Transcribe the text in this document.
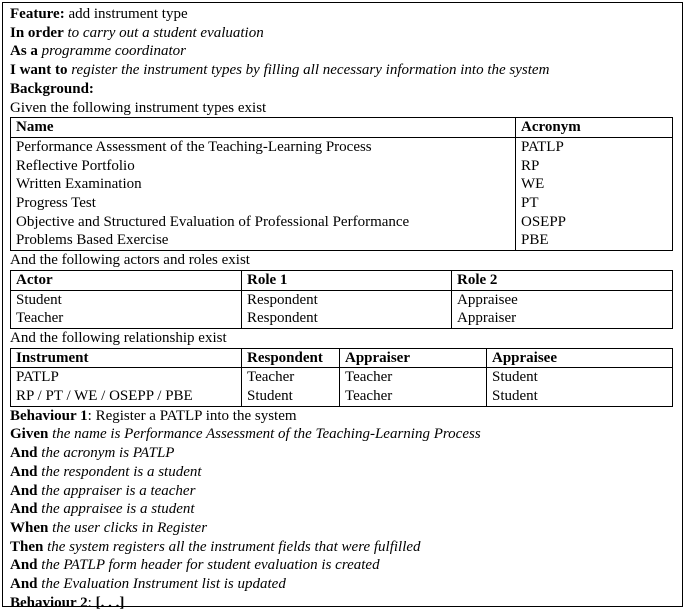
Feature: add instrument type
In order to carry out a student evaluation
As a programme coordinator
I want to register the instrument types by filling all necessary information into the system
Background:
Given the following instrument types exist
Name	Acronym
Performance Assessment of the Teaching-Learning Process	PATLP
Reflective Portfolio	RP
Written Examination	WE
Progress Test	PT
Objective and Structured Evaluation of Professional Performance	OSEPP
Problems Based Exercise	PBE
And the following actors and roles exist
Actor	Role 1	Role 2
Student	Respondent	Appraisee
Teacher	Respondent	Appraiser
And the following relationship exist
Instrument	Respondent	Appraiser	Appraisee
PATLP	Teacher	Teacher	Student
RP / PT / WE / OSEPP / PBE	Student	Teacher	Student
Behaviour 1: Register a PATLP into the system
Given the name is Performance Assessment of the Teaching-Learning Process
And the acronym is PATLP
And the respondent is a student
And the appraiser is a teacher
And the appraisee is a student
When the user clicks in Register
Then the system registers all the instrument fields that were fulfilled
And the PATLP form header for student evaluation is created
And the Evaluation Instrument list is updated
Behaviour 2: [. . .]
